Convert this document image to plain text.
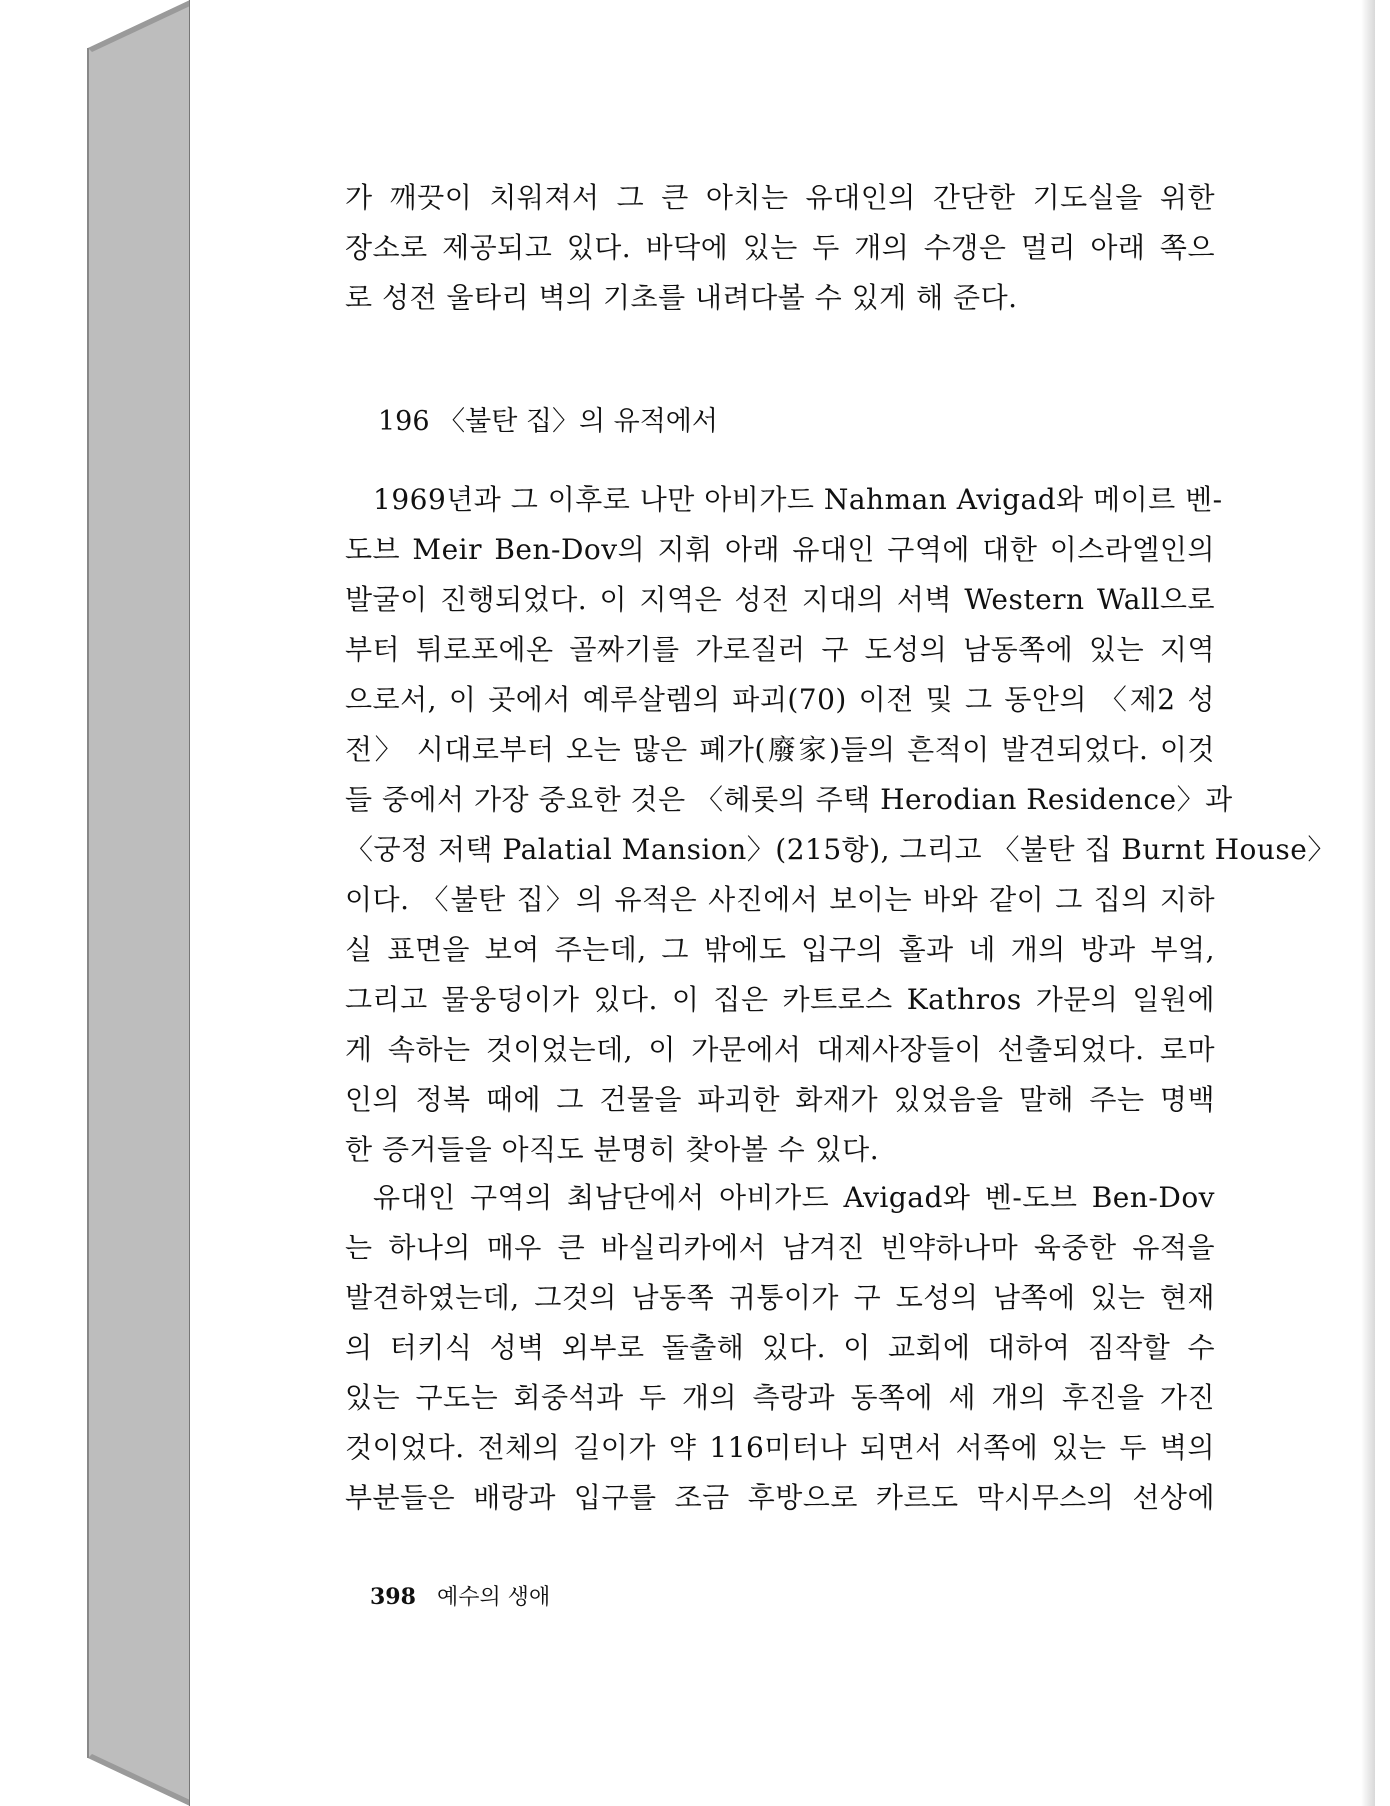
가 깨끗이 치워져서 그 큰 아치는 유대인의 간단한 기도실을 위한
장소로 제공되고 있다. 바닥에 있는 두 개의 수갱은 멀리 아래 쪽으
로 성전 울타리 벽의 기초를 내려다볼 수 있게 해 준다.
196 〈불탄 집〉의 유적에서
1969년과 그 이후로 나만 아비가드 Nahman Avigad와 메이르 벤-
도브 Meir Ben-Dov의 지휘 아래 유대인 구역에 대한 이스라엘인의
발굴이 진행되었다. 이 지역은 성전 지대의 서벽 Western Wall으로
부터 튀로포에온 골짜기를 가로질러 구 도성의 남동쪽에 있는 지역
으로서, 이 곳에서 예루살렘의 파괴(70) 이전 및 그 동안의 〈제2 성
전〉 시대로부터 오는 많은 폐가(廢家)들의 흔적이 발견되었다. 이것
들 중에서 가장 중요한 것은 〈헤롯의 주택 Herodian Residence〉과
〈궁정 저택 Palatial Mansion〉(215항), 그리고 〈불탄 집 Burnt House〉
이다. 〈불탄 집〉의 유적은 사진에서 보이는 바와 같이 그 집의 지하
실 표면을 보여 주는데, 그 밖에도 입구의 홀과 네 개의 방과 부엌,
그리고 물웅덩이가 있다. 이 집은 카트로스 Kathros 가문의 일원에
게 속하는 것이었는데, 이 가문에서 대제사장들이 선출되었다. 로마
인의 정복 때에 그 건물을 파괴한 화재가 있었음을 말해 주는 명백
한 증거들을 아직도 분명히 찾아볼 수 있다.
유대인 구역의 최남단에서 아비가드 Avigad와 벤-도브 Ben-Dov
는 하나의 매우 큰 바실리카에서 남겨진 빈약하나마 육중한 유적을
발견하였는데, 그것의 남동쪽 귀퉁이가 구 도성의 남쪽에 있는 현재
의 터키식 성벽 외부로 돌출해 있다. 이 교회에 대하여 짐작할 수
있는 구도는 회중석과 두 개의 측랑과 동쪽에 세 개의 후진을 가진
것이었다. 전체의 길이가 약 116미터나 되면서 서쪽에 있는 두 벽의
부분들은 배랑과 입구를 조금 후방으로 카르도 막시무스의 선상에
398 예수의 생애
